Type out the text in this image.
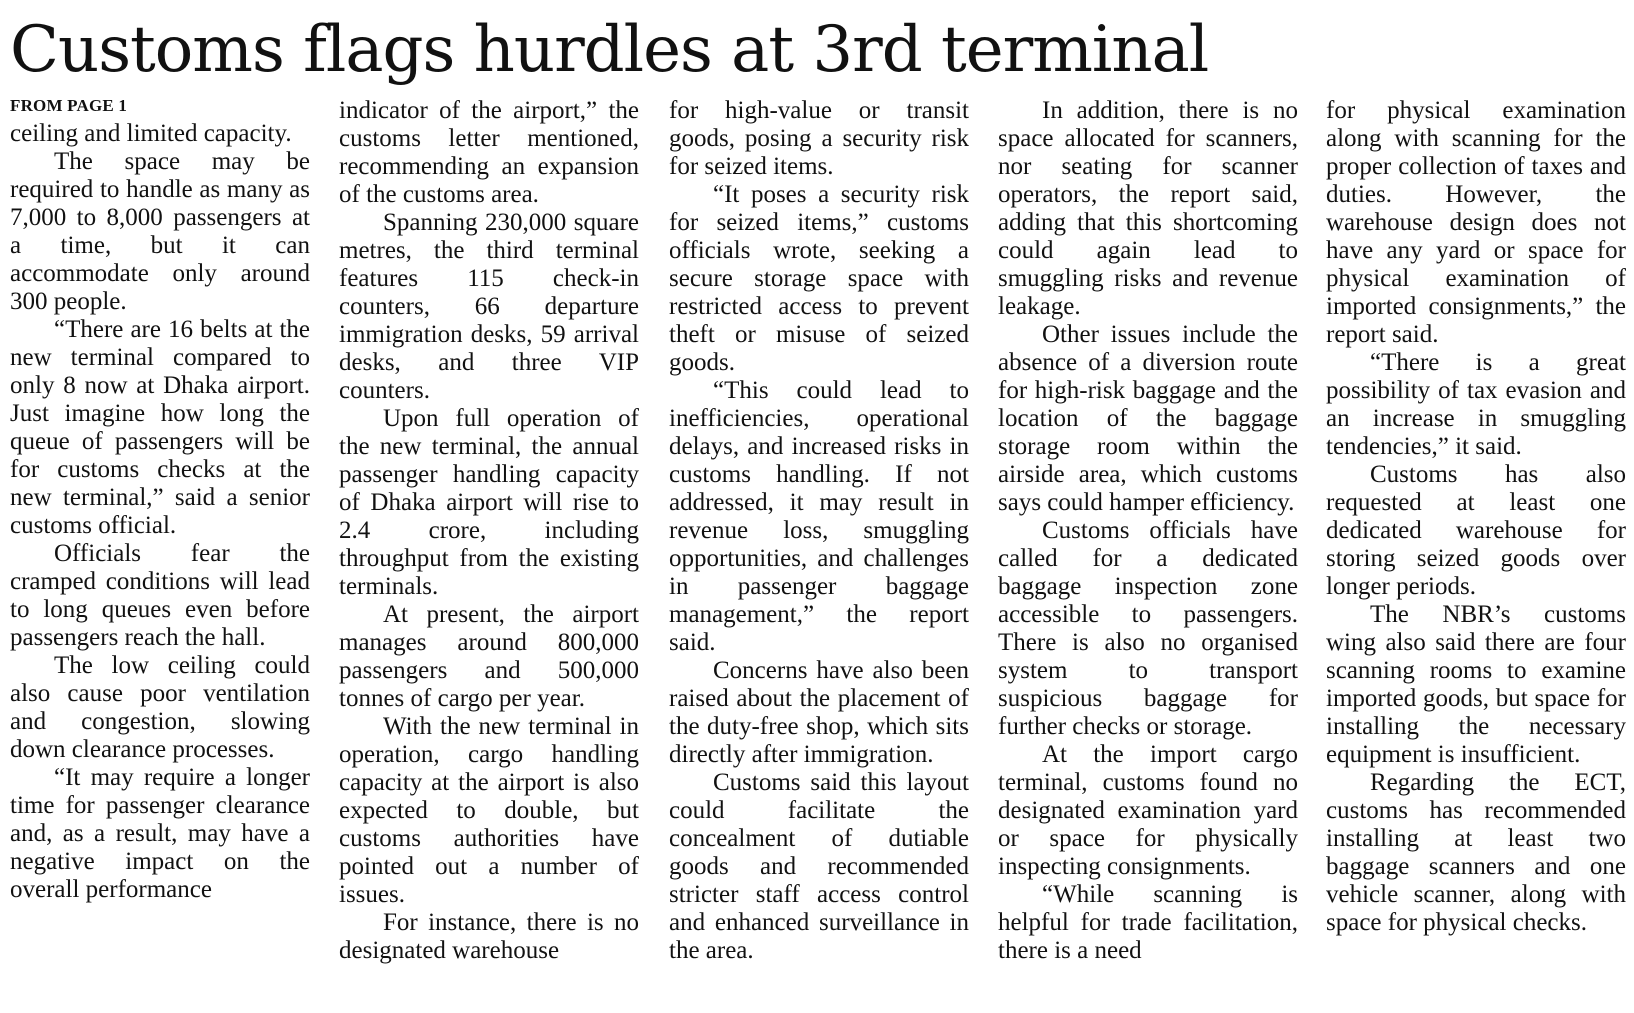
Customs flags hurdles at 3rd terminal
FROM PAGE 1

ceiling and limited capacity.

The space may be required to handle as many as 7,000 to 8,000 passengers at a time, but it can accommodate only around 300 people.

“There are 16 belts at the new terminal compared to only 8 now at Dhaka airport. Just imagine how long the queue of passengers will be for customs checks at the new terminal,” said a senior customs official.

Officials fear the cramped conditions will lead to long queues even before passengers reach the hall.

The low ceiling could also cause poor ventilation and congestion, slowing down clearance processes.

“It may require a longer time for passenger clearance and, as a result, may have a negative impact on the overall performance

indicator of the airport,” the customs letter mentioned, recommending an expansion of the customs area.

Spanning 230,000 square metres, the third terminal features 115 check-in counters, 66 departure immigration desks, 59 arrival desks, and three VIP counters.

Upon full operation of the new terminal, the annual passenger handling capacity of Dhaka airport will rise to 2.4 crore, including throughput from the existing terminals.

At present, the airport manages around 800,000 passengers and 500,000 tonnes of cargo per year.

With the new terminal in operation, cargo handling capacity at the airport is also expected to double, but customs authorities have pointed out a number of issues.

For instance, there is no designated warehouse

for high-value or transit goods, posing a security risk for seized items.

“It poses a security risk for seized items,” customs officials wrote, seeking a secure storage space with restricted access to prevent theft or misuse of seized goods.

“This could lead to inefficiencies, operational delays, and increased risks in customs handling. If not addressed, it may result in revenue loss, smuggling opportunities, and challenges in passenger baggage management,” the report said.

Concerns have also been raised about the placement of the duty-free shop, which sits directly after immigration.

Customs said this layout could facilitate the concealment of dutiable goods and recommended stricter staff access control and enhanced surveillance in the area.

In addition, there is no space allocated for scanners, nor seating for scanner operators, the report said, adding that this shortcoming could again lead to smuggling risks and revenue leakage.

Other issues include the absence of a diversion route for high-risk baggage and the location of the baggage storage room within the airside area, which customs says could hamper efficiency.

Customs officials have called for a dedicated baggage inspection zone accessible to passengers. There is also no organised system to transport suspicious baggage for further checks or storage.

At the import cargo terminal, customs found no designated examination yard or space for physically inspecting consignments.

“While scanning is helpful for trade facilitation, there is a need

for physical examination along with scanning for the proper collection of taxes and duties. However, the warehouse design does not have any yard or space for physical examination of imported consignments,” the report said.

“There is a great possibility of tax evasion and an increase in smuggling tendencies,” it said.

Customs has also requested at least one dedicated warehouse for storing seized goods over longer periods.

The NBR’s customs wing also said there are four scanning rooms to examine imported goods, but space for installing the necessary equipment is insufficient.

Regarding the ECT, customs has recommended installing at least two baggage scanners and one vehicle scanner, along with space for physical checks.
